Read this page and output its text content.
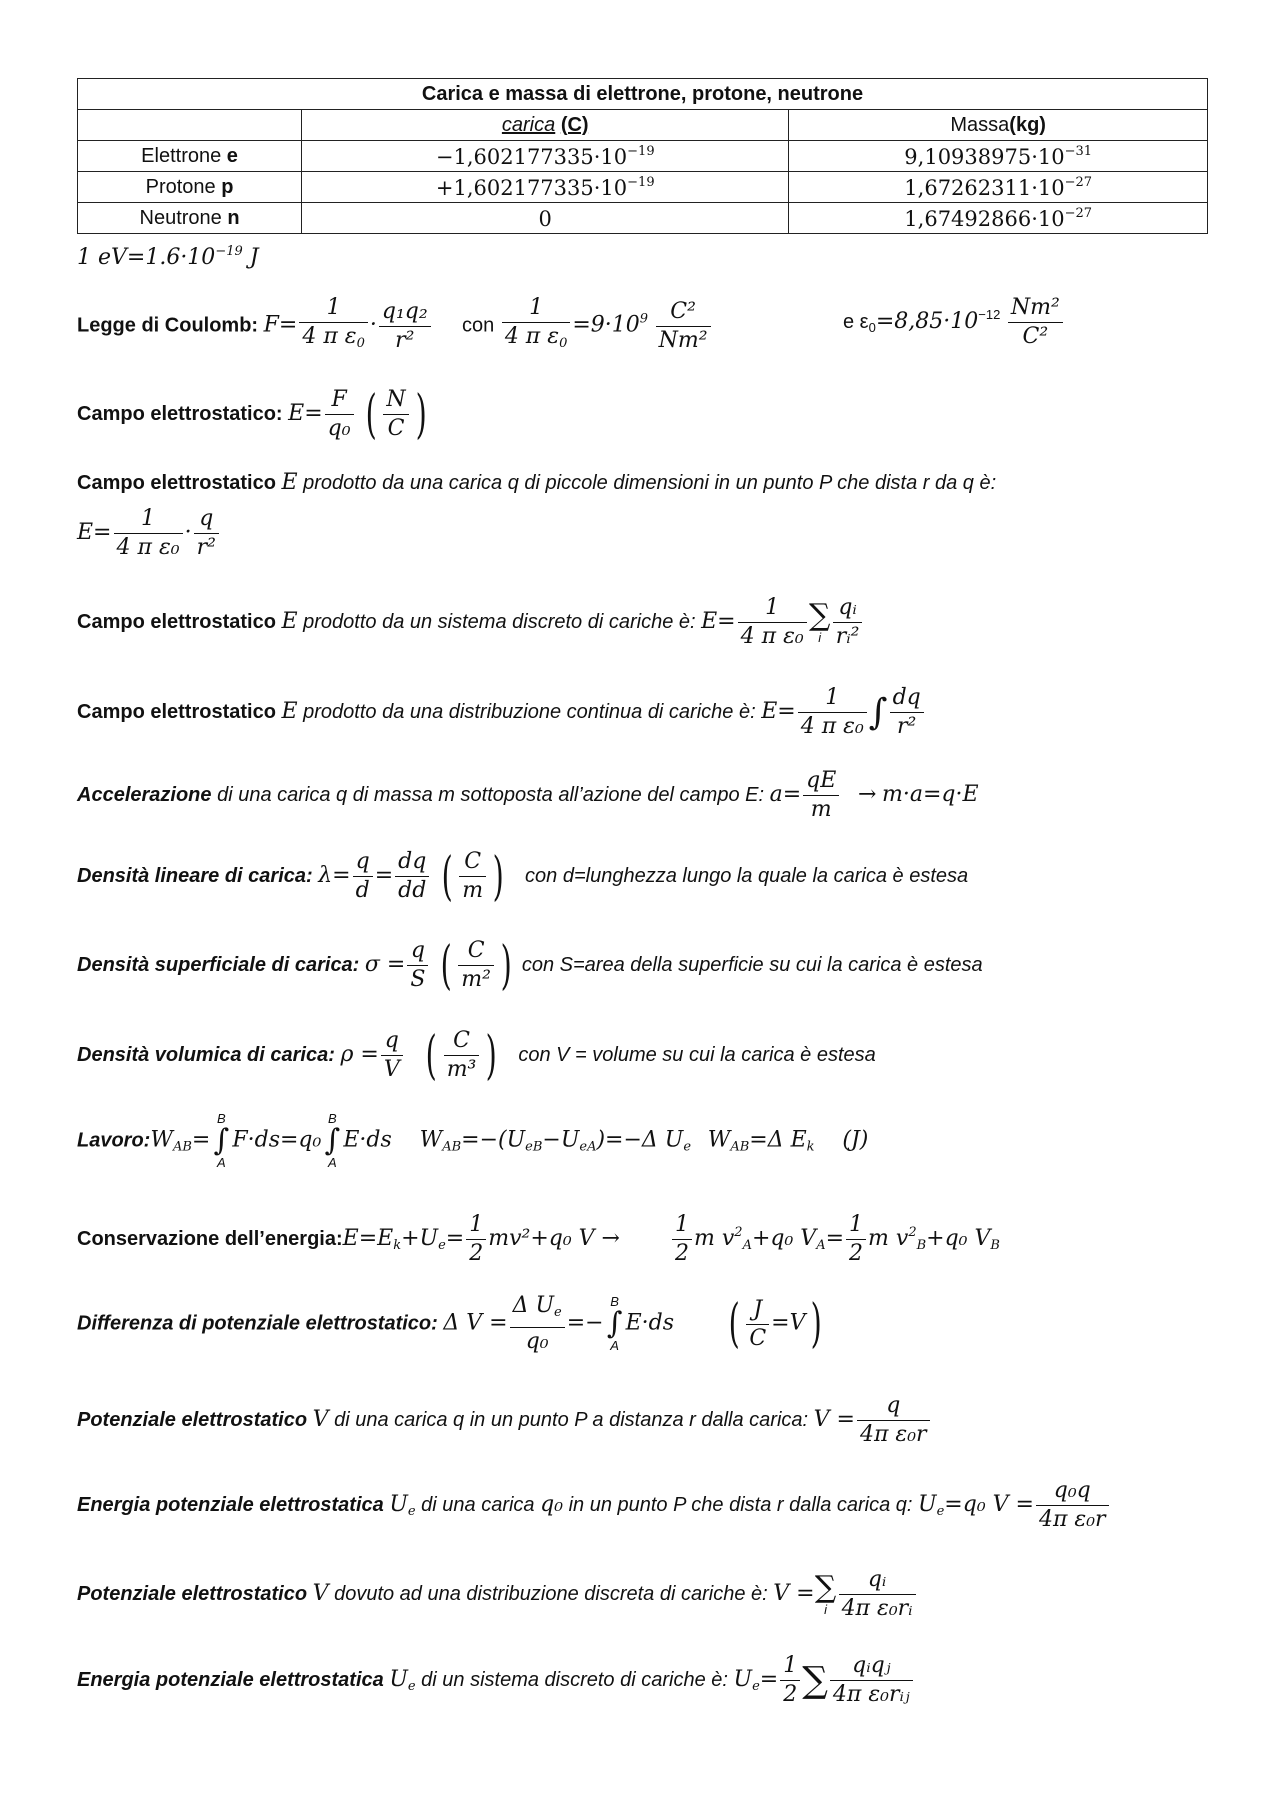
Carica e massa di elettrone, protone, neutrone		
	carica (C)	Massa(kg)
Elettrone e	$-1,602177335\cdot 10^{-19}$	$9,10938975\cdot 10^{-31}$
Protone p	$+1,602177335\cdot 10^{-19}$	$1,67262311\cdot 10^{-27}$
Neutrone n	0	$1,67492866\cdot 10^{-27}$
1 $eV=1.6\cdot 10^{-19}$ J
Legge di Coulomb: $F= \frac{1}{4 \pi \varepsilon_0} \cdot \frac{\text{q₁q₂}}{\text{r²}}$ con $\frac{1}{4 \pi \varepsilon_0} =9\cdot 10^9 \frac{\text{C²}}{\text{Nm²}}$	e $\varepsilon_0=8,85\cdot 10^{-12} \frac{\text{Nm²}}{\text{C²}}$
Campo elettrostatico: $E= \frac{F}{\text{q₀}}$ ( $\frac{N}{C}$ )
Campo elettrostatico E prodotto da una carica q di piccole dimensioni in un punto P che dista r da q è:
$E= \frac{1}{\text{4 π ε₀}} \cdot \frac{q}{\text{r²}}$
Campo elettrostatico E prodotto da un sistema discreto di cariche è: $E= \frac{1}{\text{4 π ε₀}}$ ∑
i $\frac{\text{qᵢ}}{\text{rᵢ²}}$
Campo elettrostatico E prodotto da una distribuzione continua di cariche è: $E= \frac{1}{\text{4 π ε₀}}$ ∫ $\frac{dq}{\text{r²}}$
Accelerazione di una carica q di massa m sottoposta all’azione del campo E: $a= \frac{qE}{m} \to m\cdot a=q\cdot E$
Densità lineare di carica: $\lambda= \frac{q}{d} = \frac{dq}{dd}$ ( $\frac{C}{m}$ ) con d=lunghezza lungo la quale la carica è estesa
Densità superficiale di carica: $\sigma = \frac{q}{S}$ ( $\frac{C}{\text{m²}}$ ) con S=area della superficie su cui la carica è estesa
Densità volumica di carica: $\rho = \frac{q}{V}$ ( $\frac{C}{\text{m³}}$ ) con V = volume su cui la carica è estesa
$Lavoro:W_{AB}=$
B
∫
A
F·ds=q₀
B
∫
A
E·ds $W_{AB}=-(U_{eB}-U_{eA})=-\Delta$ $U_e$ $W_{AB}=\Delta$ $E_k$ (J)
Conservazione $dell’energia:E=E_k+U_e= \frac{1}{2} mv^2+q_0$ $V \to \frac{1}{2}$ m $v^2_A+q_0$ $V_A= \frac{1}{2}$ m $v^2_B+q_0$ $V_B$
Differenza di potenziale elettrostatico: Δ $V = \frac{\Delta U_e}{\text{q₀}}$ =−
B
∫
A
E·ds ( $\frac{J}{C} =V$)
Potenziale elettrostatico V di una carica q in un punto P a distanza r dalla carica: $V = \frac{q}{\text{4π ε₀r}}$
Energia potenziale elettrostatica $U_e$ di una carica q₀ in un punto P che dista r dalla carica q: $U_e=q_0$ $V = \frac{\text{q₀q}}{\text{4π ε₀r}}$
Potenziale elettrostatico V dovuto ad una distribuzione discreta di cariche è: V = ∑
i $\frac{\text{qᵢ}}{\text{4π ε₀rᵢ}}$
Energia potenziale elettrostatica $U_e$ di un sistema discreto di cariche è: $U_e= \frac{1}{2}$ ∑ $\frac{\text{qᵢqⱼ}}{\text{4π ε₀rᵢⱼ}}$
